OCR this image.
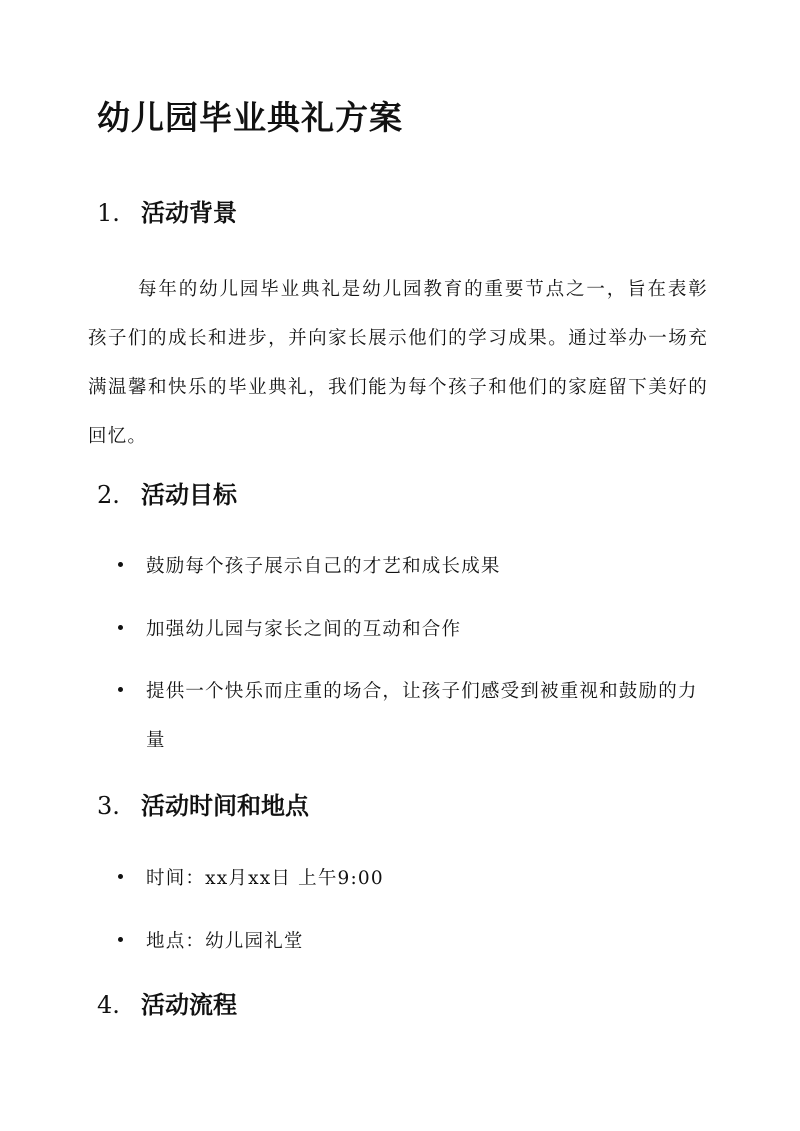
幼儿园毕业典礼方案
1. 活动背景

每年的幼儿园毕业典礼是幼儿园教育的重要节点之一，旨在表彰孩子们的成长和进步，并向家长展示他们的学习成果。通过举办一场充满温馨和快乐的毕业典礼，我们能为每个孩子和他们的家庭留下美好的回忆。

2. 活动目标
鼓励每个孩子展示自己的才艺和成长成果
加强幼儿园与家长之间的互动和合作
提供一个快乐而庄重的场合，让孩子们感受到被重视和鼓励的力量
3. 活动时间和地点
时间：xx月xx日 上午9:00
地点：幼儿园礼堂
4. 活动流程
